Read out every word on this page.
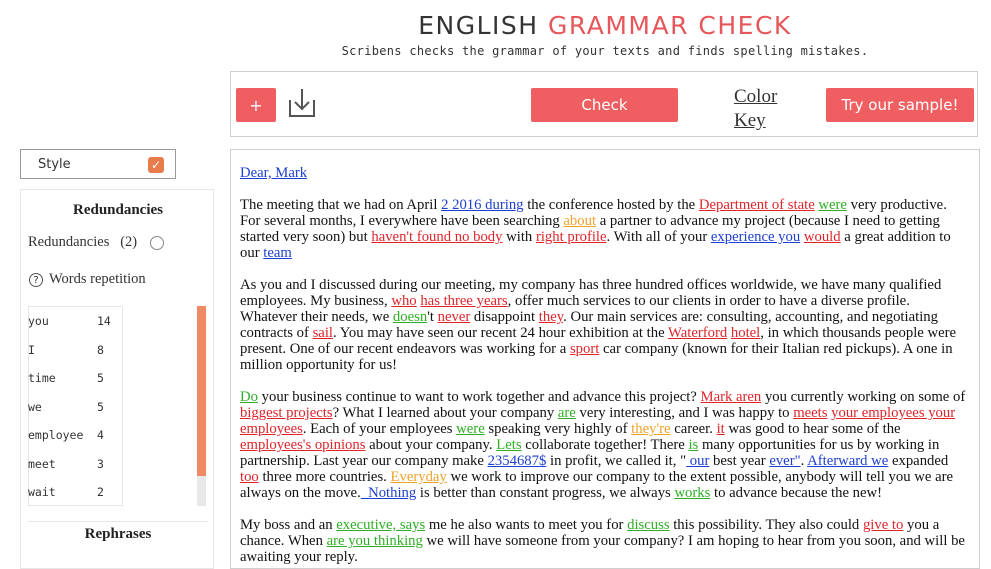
ENGLISH GRAMMAR CHECK
Scribens checks the grammar of your texts and finds spelling mistakes.
+	Check	Color Key
Try our sample!
Style	✓
Redundancies
Redundancies (2)
? Words repetition
you	14
I	8
time	5
we	5
employee 4
meet	3
wait	2
Rephrases

Dear, Mark

The meeting that we had on April 2 2016 during the conference hosted by the Department of state were very productive. For several months, I everywhere have been searching about a partner to advance my project (because I need to getting started very soon) but haven't found no body with right profile. With all of your experience you would a great addition to our team

As you and I discussed during our meeting, my company has three hundred offices worldwide, we have many qualified employees. My business, who has three years, offer much services to our clients in order to have a diverse profile. Whatever their needs, we doesn't never disappoint they. Our main services are: consulting, accounting, and negotiating contracts of sail. You may have seen our recent 24 hour exhibition at the Waterford hotel, in which thousands people were present. One of our recent endeavors was working for a sport car company (known for their Italian red pickups). A one in million opportunity for us!

Do your business continue to want to work together and advance this project? Mark aren you currently working on some of biggest projects? What I learned about your company are very interesting, and I was happy to meets your employees your employees. Each of your employees were speaking very highly of they're career. it was good to hear some of the employees's opinions about your company. Lets collaborate together! There is many opportunities for us by working in partnership. Last year our company make 2354687$ in profit, we called it, " our best year ever". Afterward we expanded too three more countries. Everyday we work to improve our company to the extent possible, anybody will tell you we are always on the move.  Nothing is better than constant progress, we always works to advance because the new!

My boss and an executive, says me he also wants to meet you for discuss this possibility. They also could give to you a chance. When are you thinking we will have someone from your company? I am hoping to hear from you soon, and will be awaiting your reply.
